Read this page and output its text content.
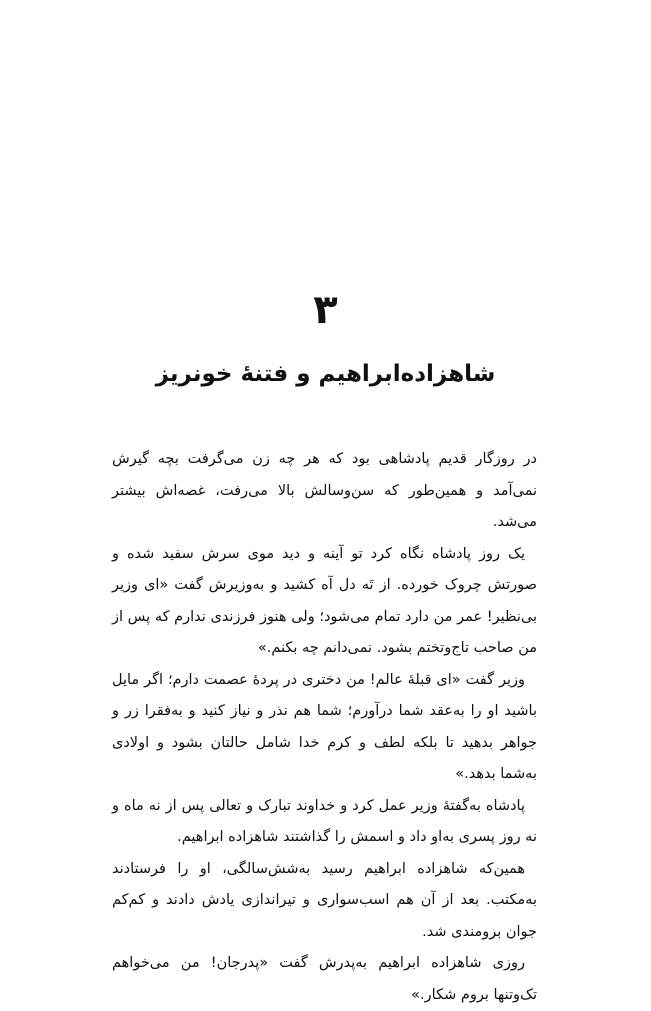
۳
شاهزاده‌ابراهیم و فتنهٔ خونریز

در روزگار قدیم پادشاهی بود که هر چه زن می‌گرفت بچه گیرش نمی‌آمد و همین‌طور که سن‌وسالش بالا می‌رفت، غصه‌اش بیشتر می‌شد.

یک روز پادشاه نگاه کرد تو آینه و دید موی سرش سفید شده و صورتش چروک خورده. از تَه دل آه کشید و به‌وزیرش گفت «ای وزیر بی‌نظیر! عمر من دارد تمام می‌شود؛ ولی هنوز فرزندی ندارم که پس از من صاحب تاج‌وتختم بشود. نمی‌دانم چه بکنم.»

وزیر گفت «ای قبلهٔ عالم! من دختری در پردهٔ عصمت دارم؛ اگر مایل باشید او را به‌عقد شما درآورم؛ شما هم نذر و نیاز کنید و به‌فقرا زر و جواهر بدهید تا بلکه لطف و کرم خدا شامل حالتان بشود و اولادی به‌شما بدهد.»

پادشاه به‌گفتهٔ وزیر عمل کرد و خداوند تبارک و تعالی پس از نه ماه و نه روز پسری به‌او داد و اسمش را گذاشتند شاهزاده ابراهیم.

همین‌که شاهزاده ابراهیم رسید به‌شش‌سالگی، او را فرستادند به‌مکتب. بعد از آن هم اسب‌سواری و تیراندازی یادش دادند و کم‌کم جوان برومندی شد.

روزی شاهزاده ابراهیم به‌پدرش گفت «پدرجان! من می‌خواهم تک‌وتنها بروم شکار.»
